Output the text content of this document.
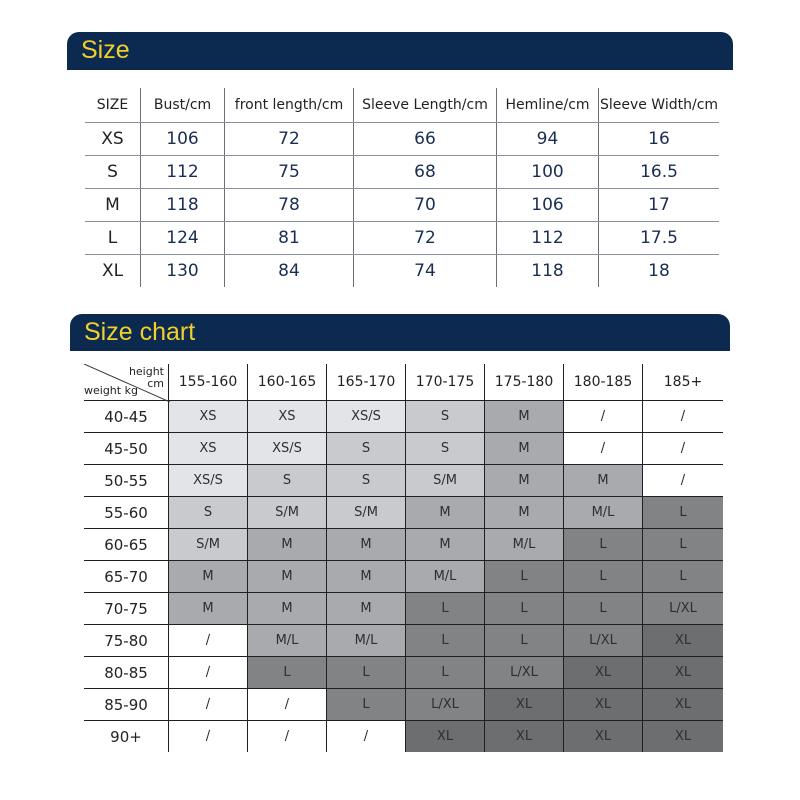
Size
SIZE	Bust/cm	front length/cm	Sleeve Length/cm	Hemline/cm	Sleeve Width/cm
XS	106	72	66	94	16
S	112	75	68	100	16.5
M	118	78	70	106	17
L	124	81	72	112	17.5
XL	130	84	74	118	18
Size chart
height
cm
weight kg	155-160	160-165	165-170	170-175	175-180	180-185	185+
40-45	XS	XS	XS/S	S	M	/	/
45-50	XS	XS/S	S	S	M	/	/
50-55	XS/S	S	S	S/M	M	M	/
55-60	S	S/M	S/M	M	M	M/L	L
60-65	S/M	M	M	M	M/L	L	L
65-70	M	M	M	M/L	L	L	L
70-75	M	M	M	L	L	L	L/XL
75-80	/	M/L	M/L	L	L	L/XL	XL
80-85	/	L	L	L	L/XL	XL	XL
85-90	/	/	L	L/XL	XL	XL	XL
90+	/	/	/	XL	XL	XL	XL
